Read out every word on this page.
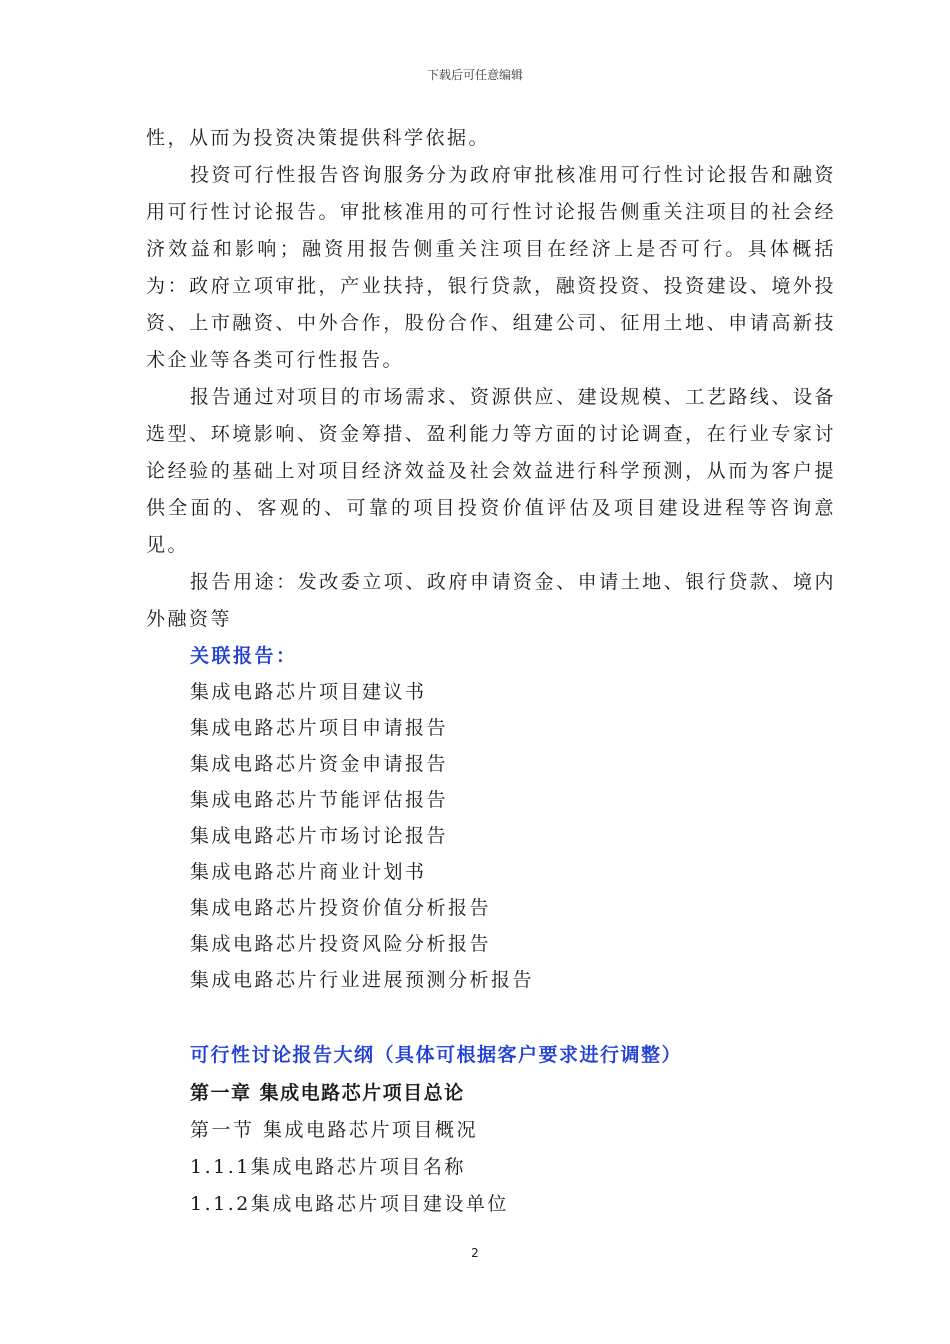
下载后可任意编辑

性，从而为投资决策提供科学依据。

投资可行性报告咨询服务分为政府审批核准用可行性讨论报告和融资用可行性讨论报告。审批核准用的可行性讨论报告侧重关注项目的社会经济效益和影响；融资用报告侧重关注项目在经济上是否可行。具体概括为：政府立项审批，产业扶持，银行贷款，融资投资、投资建设、境外投资、上市融资、中外合作，股份合作、组建公司、征用土地、申请高新技术企业等各类可行性报告。

报告通过对项目的市场需求、资源供应、建设规模、工艺路线、设备选型、环境影响、资金筹措、盈利能力等方面的讨论调查，在行业专家讨论经验的基础上对项目经济效益及社会效益进行科学预测，从而为客户提供全面的、客观的、可靠的项目投资价值评估及项目建设进程等咨询意见。

报告用途：发改委立项、政府申请资金、申请土地、银行贷款、境内外融资等

关联报告：
集成电路芯片项目建议书
集成电路芯片项目申请报告
集成电路芯片资金申请报告
集成电路芯片节能评估报告
集成电路芯片市场讨论报告
集成电路芯片商业计划书
集成电路芯片投资价值分析报告
集成电路芯片投资风险分析报告
集成电路芯片行业进展预测分析报告
可行性讨论报告大纲（具体可根据客户要求进行调整）
第一章 集成电路芯片项目总论
第一节 集成电路芯片项目概况
1.1.1集成电路芯片项目名称
1.1.2集成电路芯片项目建设单位
2
